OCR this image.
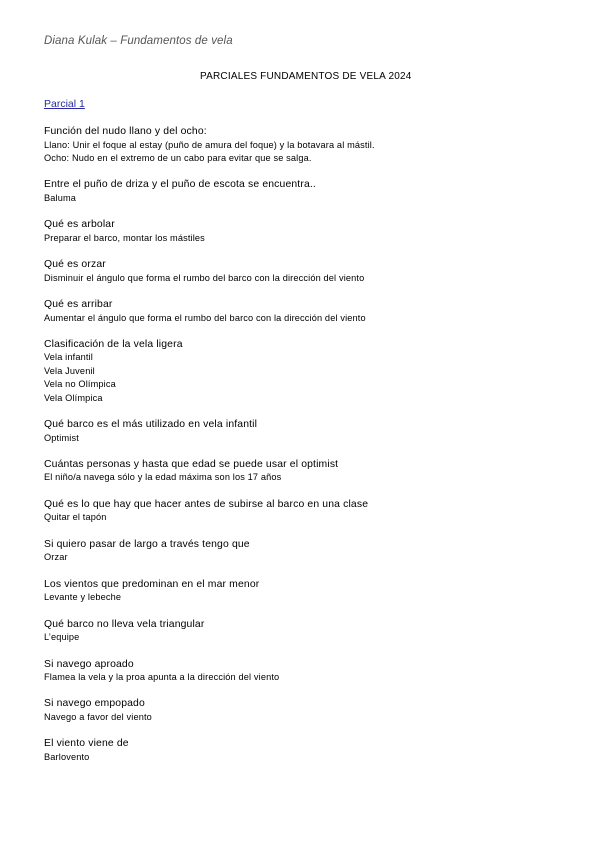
Diana Kulak – Fundamentos de vela
PARCIALES FUNDAMENTOS DE VELA 2024
Parcial 1
Función del nudo llano y del ocho:
Llano: Unir el foque al estay (puño de amura del foque) y la botavara al mástil.
Ocho: Nudo en el extremo de un cabo para evitar que se salga.
Entre el puño de driza y el puño de escota se encuentra..
Baluma
Qué es arbolar
Preparar el barco, montar los mástiles
Qué es orzar
Disminuir el ángulo que forma el rumbo del barco con la dirección del viento
Qué es arribar
Aumentar el ángulo que forma el rumbo del barco con la dirección del viento
Clasificación de la vela ligera
Vela infantil
Vela Juvenil
Vela no Olímpica
Vela Olímpica
Qué barco es el más utilizado en vela infantil
Optimist
Cuántas personas y hasta que edad se puede usar el optimist
El niño/a navega sólo y la edad máxima son los 17 años
Qué es lo que hay que hacer antes de subirse al barco en una clase
Quitar el tapón
Si quiero pasar de largo a través tengo que
Orzar
Los vientos que predominan en el mar menor
Levante y lebeche
Qué barco no lleva vela triangular
L’equipe
Si navego aproado
Flamea la vela y la proa apunta a la dirección del viento
Si navego empopado
Navego a favor del viento
El viento viene de
Barlovento
